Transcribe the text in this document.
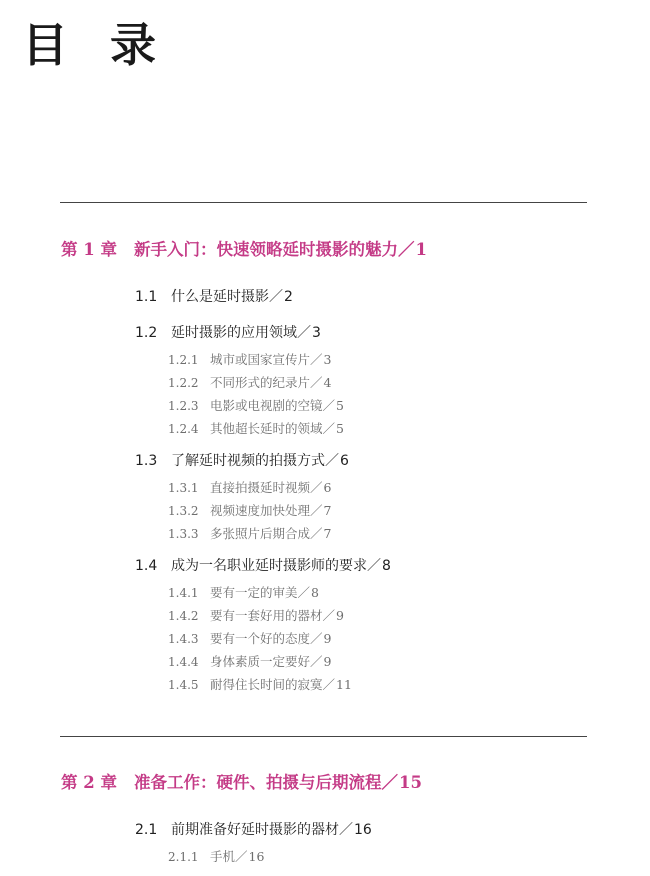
目录
第 1 章 新手入门：快速领略延时摄影的魅力／1
1.1 什么是延时摄影／2
1.2 延时摄影的应用领域／3
1.2.1 城市或国家宣传片／3
1.2.2 不同形式的纪录片／4
1.2.3 电影或电视剧的空镜／5
1.2.4 其他超长延时的领域／5
1.3 了解延时视频的拍摄方式／6
1.3.1 直接拍摄延时视频／6
1.3.2 视频速度加快处理／7
1.3.3 多张照片后期合成／7
1.4 成为一名职业延时摄影师的要求／8
1.4.1 要有一定的审美／8
1.4.2 要有一套好用的器材／9
1.4.3 要有一个好的态度／9
1.4.4 身体素质一定要好／9
1.4.5 耐得住长时间的寂寞／11
第 2 章 准备工作：硬件、拍摄与后期流程／15
2.1 前期准备好延时摄影的器材／16
2.1.1 手机／16
